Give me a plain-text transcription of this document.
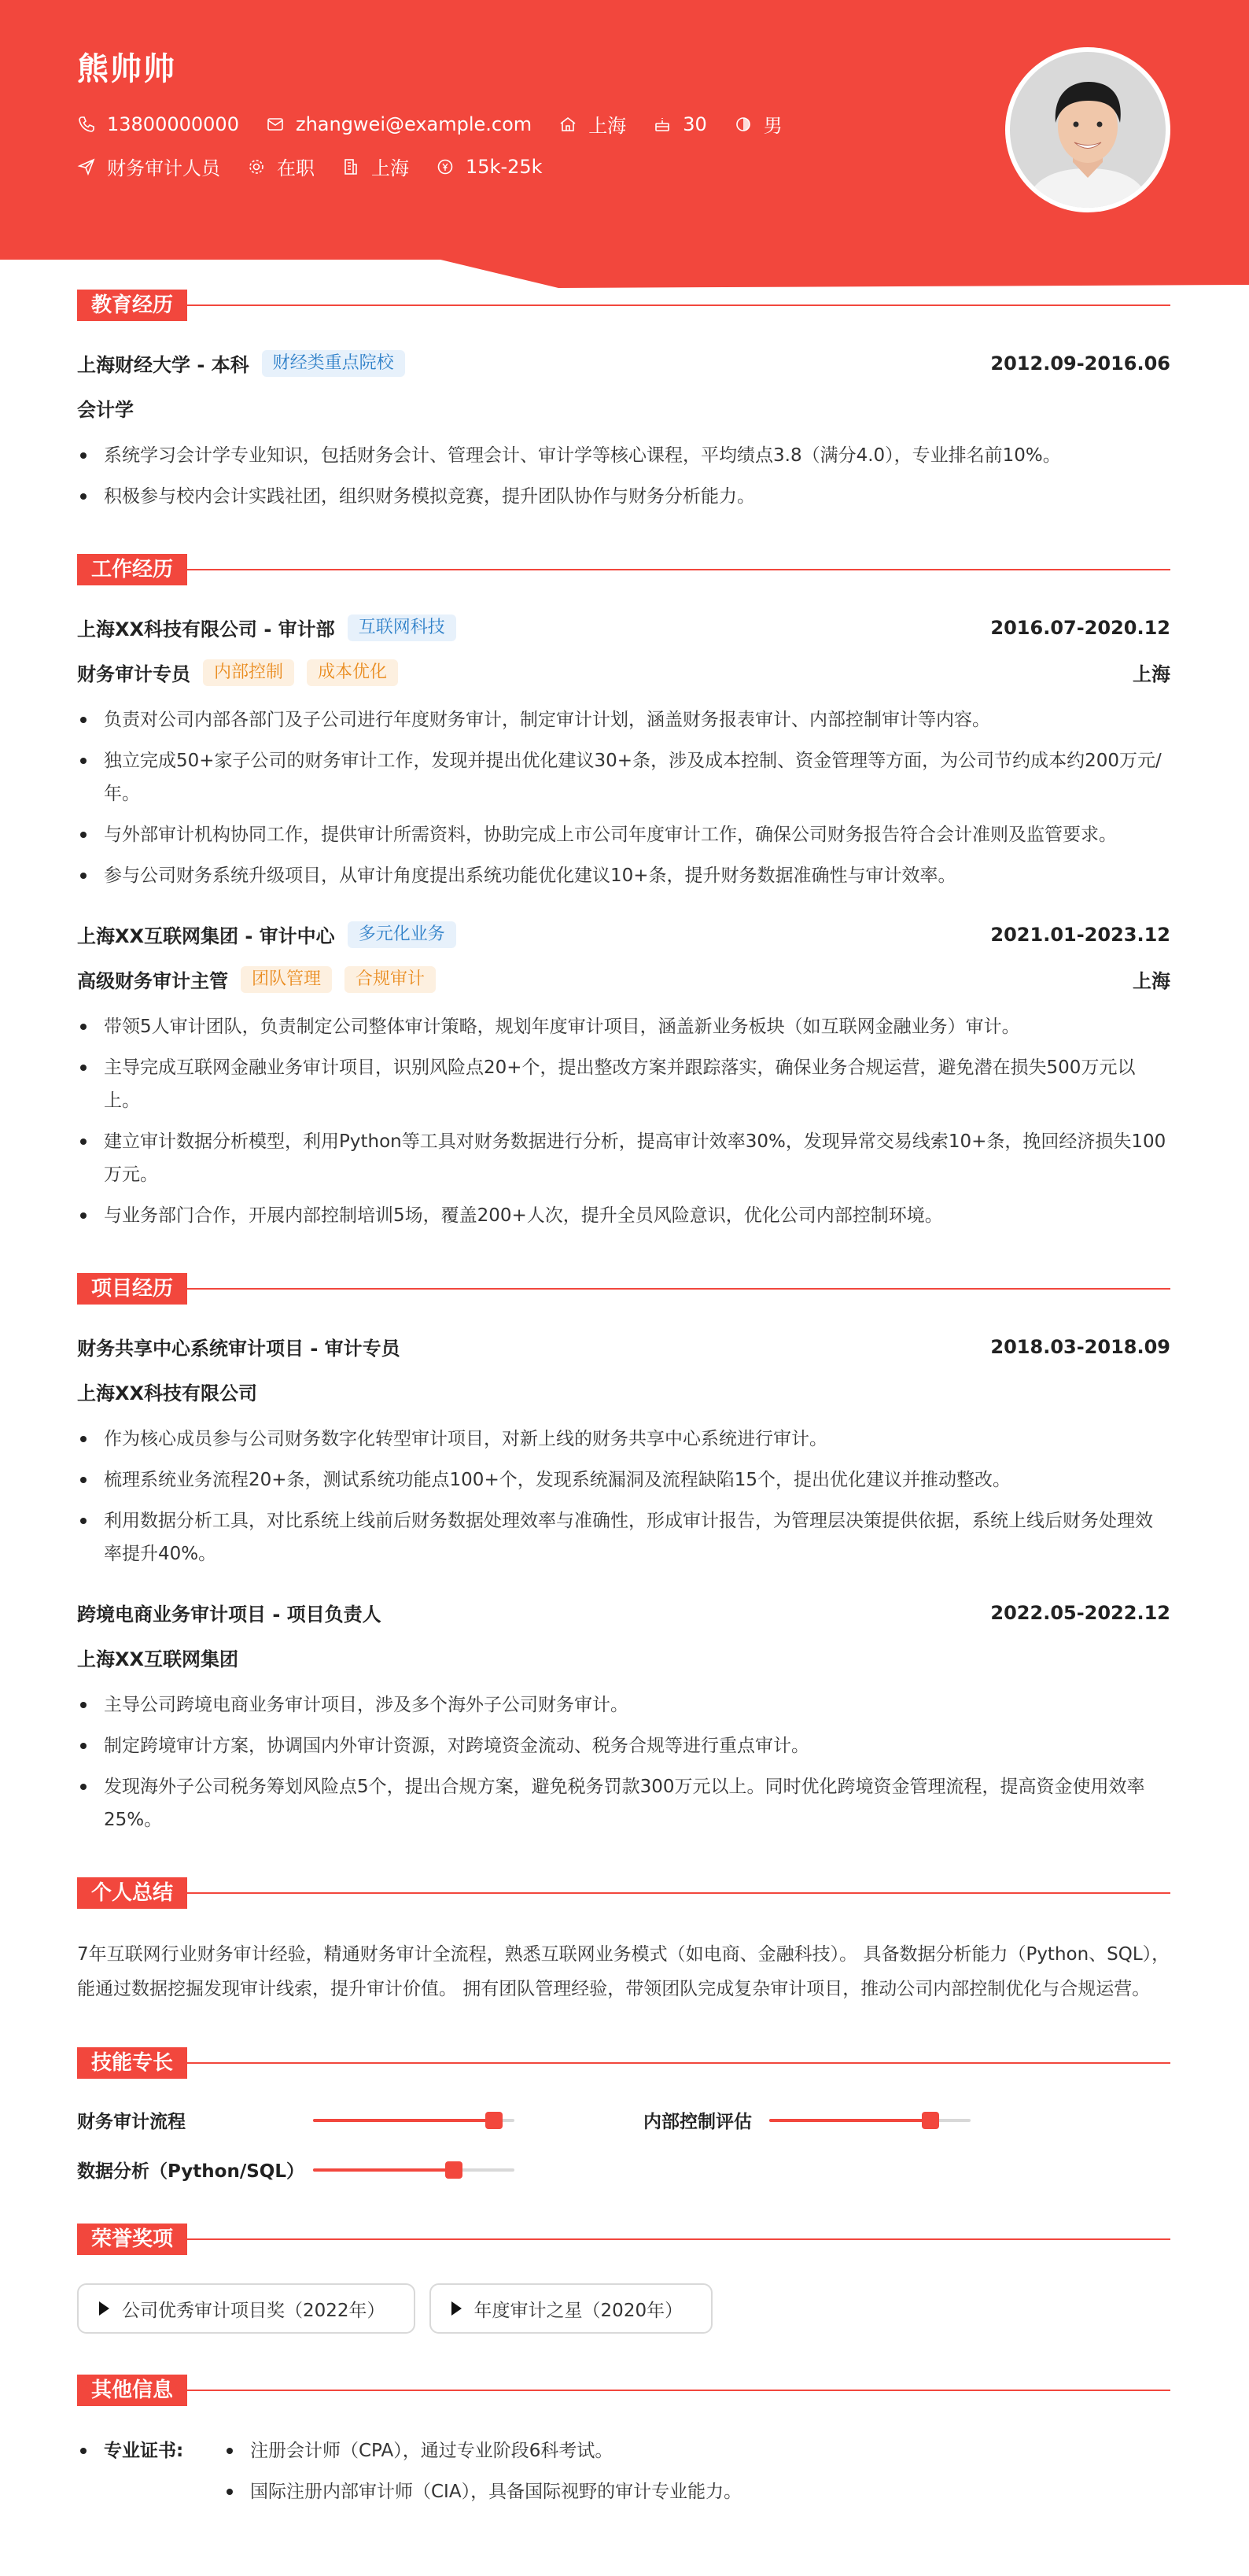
熊帅帅
13800000000	zhangwei@example.com	上海	30	男
财务审计人员	在职	上海	15k-25k
教育经历
上海财经大学 - 本科	财经类重点院校	2012.09-2016.06
会计学
系统学习会计学专业知识，包括财务会计、管理会计、审计学等核心课程，平均绩点3.8（满分4.0），专业排名前10%。
积极参与校内会计实践社团，组织财务模拟竞赛，提升团队协作与财务分析能力。
工作经历
上海XX科技有限公司 - 审计部	互联网科技	2016.07-2020.12
财务审计专员	内部控制	成本优化	上海
负责对公司内部各部门及子公司进行年度财务审计，制定审计计划，涵盖财务报表审计、内部控制审计等内容。
独立完成50+家子公司的财务审计工作，发现并提出优化建议30+条，涉及成本控制、资金管理等方面，为公司节约成本约200万元/年。
与外部审计机构协同工作，提供审计所需资料，协助完成上市公司年度审计工作，确保公司财务报告符合会计准则及监管要求。
参与公司财务系统升级项目，从审计角度提出系统功能优化建议10+条，提升财务数据准确性与审计效率。
上海XX互联网集团 - 审计中心	多元化业务	2021.01-2023.12
高级财务审计主管	团队管理	合规审计	上海
带领5人审计团队，负责制定公司整体审计策略，规划年度审计项目，涵盖新业务板块（如互联网金融业务）审计。
主导完成互联网金融业务审计项目，识别风险点20+个，提出整改方案并跟踪落实，确保业务合规运营，避免潜在损失500万元以上。
建立审计数据分析模型，利用Python等工具对财务数据进行分析，提高审计效率30%，发现异常交易线索10+条，挽回经济损失100万元。
与业务部门合作，开展内部控制培训5场，覆盖200+人次，提升全员风险意识，优化公司内部控制环境。
项目经历
财务共享中心系统审计项目 - 审计专员	2018.03-2018.09
上海XX科技有限公司
作为核心成员参与公司财务数字化转型审计项目，对新上线的财务共享中心系统进行审计。
梳理系统业务流程20+条，测试系统功能点100+个，发现系统漏洞及流程缺陷15个，提出优化建议并推动整改。
利用数据分析工具，对比系统上线前后财务数据处理效率与准确性，形成审计报告，为管理层决策提供依据，系统上线后财务处理效率提升40%。
跨境电商业务审计项目 - 项目负责人	2022.05-2022.12
上海XX互联网集团
主导公司跨境电商业务审计项目，涉及多个海外子公司财务审计。
制定跨境审计方案，协调国内外审计资源，对跨境资金流动、税务合规等进行重点审计。
发现海外子公司税务筹划风险点5个，提出合规方案，避免税务罚款300万元以上。同时优化跨境资金管理流程，提高资金使用效率25%。
个人总结
7年互联网行业财务审计经验，精通财务审计全流程，熟悉互联网业务模式（如电商、金融科技）。 具备数据分析能力（Python、SQL），能通过数据挖掘发现审计线索，提升审计价值。 拥有团队管理经验，带领团队完成复杂审计项目，推动公司内部控制优化与合规运营。
技能专长
财务审计流程	内部控制评估
数据分析（Python/SQL）
荣誉奖项
公司优秀审计项目奖（2022年）	年度审计之星（2020年）
其他信息
专业证书:	注册会计师（CPA），通过专业阶段6科考试。
国际注册内部审计师（CIA），具备国际视野的审计专业能力。
